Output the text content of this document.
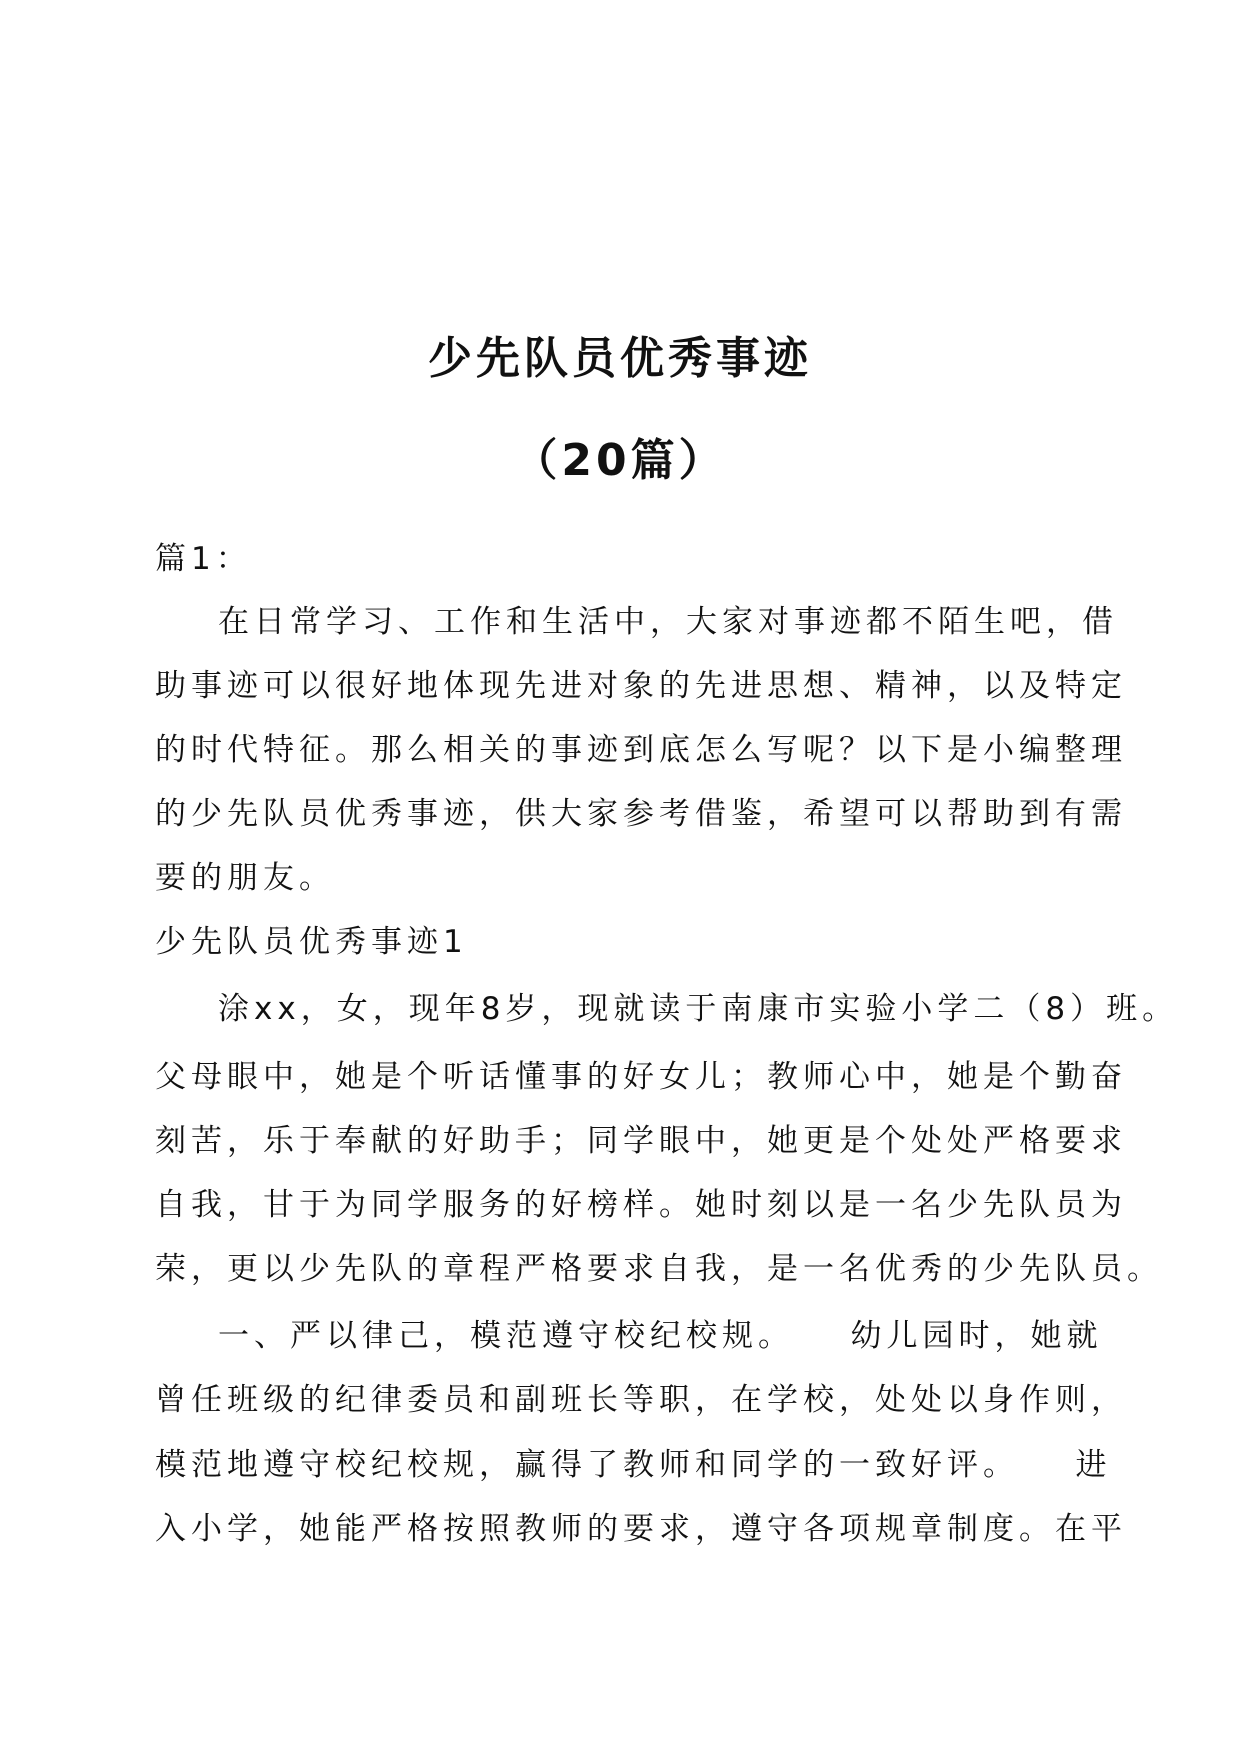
少先队员优秀事迹
（20篇）
篇1：
在日常学习、工作和生活中，大家对事迹都不陌生吧，借
助事迹可以很好地体现先进对象的先进思想、精神，以及特定
的时代特征。那么相关的事迹到底怎么写呢？以下是小编整理
的少先队员优秀事迹，供大家参考借鉴，希望可以帮助到有需
要的朋友。
少先队员优秀事迹1
涂xx，女，现年8岁，现就读于南康市实验小学二（8）班。
父母眼中，她是个听话懂事的好女儿；教师心中，她是个勤奋
刻苦，乐于奉献的好助手；同学眼中，她更是个处处严格要求
自我，甘于为同学服务的好榜样。她时刻以是一名少先队员为
荣，更以少先队的章程严格要求自我，是一名优秀的少先队员。
一、严以律己，模范遵守校纪校规。　　幼儿园时，她就
曾任班级的纪律委员和副班长等职，在学校，处处以身作则，
模范地遵守校纪校规，赢得了教师和同学的一致好评。　　进
入小学，她能严格按照教师的要求，遵守各项规章制度。在平
